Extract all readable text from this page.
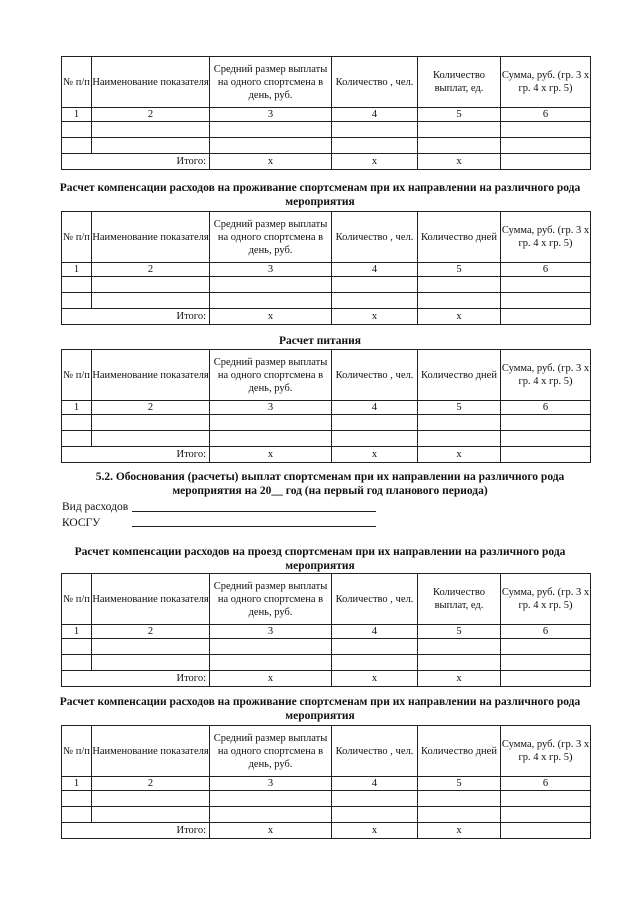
№ п/п	Наименование показателя	Средний размер выплаты на одного спортсмена в день, руб.	Количество , чел.	Количество выплат, ед.	Сумма, руб. (гр. 3 х гр. 4 х гр. 5)
1	2	3	4	5	6

Итого:		х	х	х	
Расчет компенсации расходов на проживание спортсменам при их направлении на различного рода мероприятия
№ п/п	Наименование показателя	Средний размер выплаты на одного спортсмена в день, руб.	Количество , чел.	Количество дней	Сумма, руб. (гр. 3 х гр. 4 х гр. 5)
1	2	3	4	5	6

Итого:		х	х	х	
Расчет питания
№ п/п	Наименование показателя	Средний размер выплаты на одного спортсмена в день, руб.	Количество , чел.	Количество дней	Сумма, руб. (гр. 3 х гр. 4 х гр. 5)
1	2	3	4	5	6

Итого:		х	х	х	
5.2. Обоснования (расчеты) выплат спортсменам при их направлении на различного рода мероприятия на 20__ год (на первый год планового периода)
Вид расходов
КОСГУ
Расчет компенсации расходов на проезд спортсменам при их направлении на различного рода мероприятия
№ п/п	Наименование показателя	Средний размер выплаты на одного спортсмена в день, руб.	Количество , чел.	Количество выплат, ед.	Сумма, руб. (гр. 3 х гр. 4 х гр. 5)
1	2	3	4	5	6

Итого:		х	х	х	
Расчет компенсации расходов на проживание спортсменам при их направлении на различного рода мероприятия
№ п/п	Наименование показателя	Средний размер выплаты на одного спортсмена в день, руб.	Количество , чел.	Количество дней	Сумма, руб. (гр. 3 х гр. 4 х гр. 5)
1	2	3	4	5	6

Итого:		х	х	х	
